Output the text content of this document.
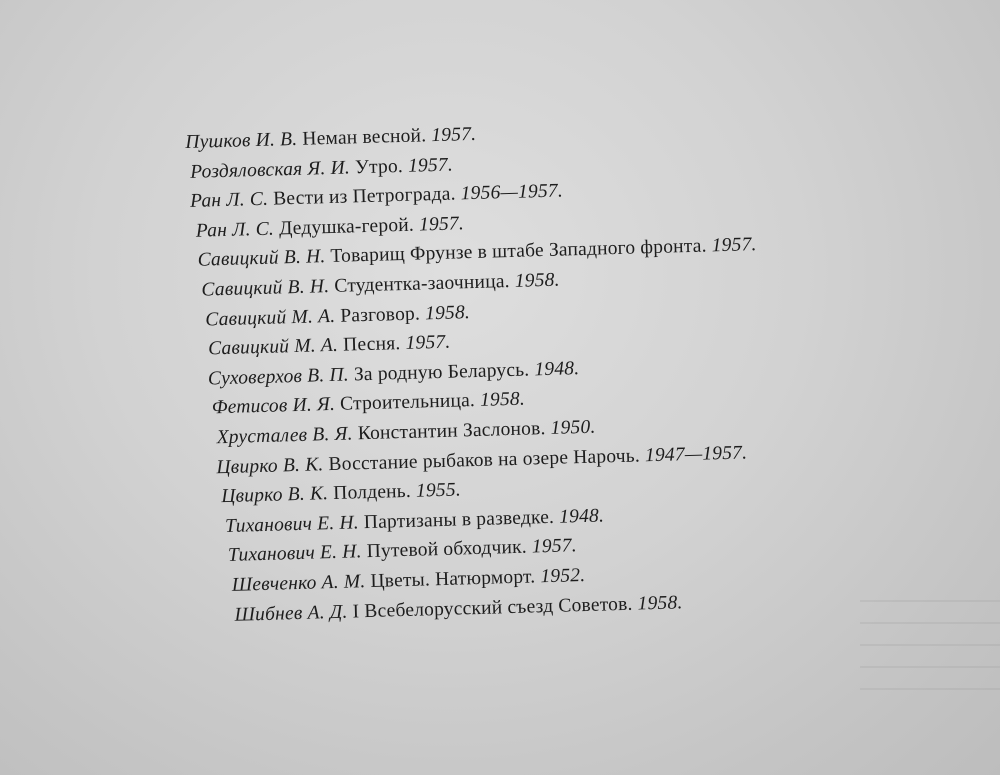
​
Пушков И. В. Неман весной. 1957.
Роздяловская Я. И. Утро. 1957.
Ран Л. С. Вести из Петрограда. 1956—1957.
Ран Л. С. Дедушка-герой. 1957.
Савицкий В. Н. Товарищ Фрунзе в штабе Западного фронта. 1957.
Савицкий В. Н. Студентка-заочница. 1958.
Савицкий М. А. Разговор. 1958.
Савицкий М. А. Песня. 1957.
Суховерхов В. П. За родную Беларусь. 1948.
Фетисов И. Я. Строительница. 1958.
Хрусталев В. Я. Константин Заслонов. 1950.
Цвирко В. К. Восстание рыбаков на озере Нарочь. 1947—1957.
Цвирко В. К. Полдень. 1955.
Тиханович Е. Н. Партизаны в разведке. 1948.
Тиханович Е. Н. Путевой обходчик. 1957.
Шевченко А. М. Цветы. Натюрморт. 1952.
Шибнев А. Д. I Всебелорусский съезд Советов. 1958.
